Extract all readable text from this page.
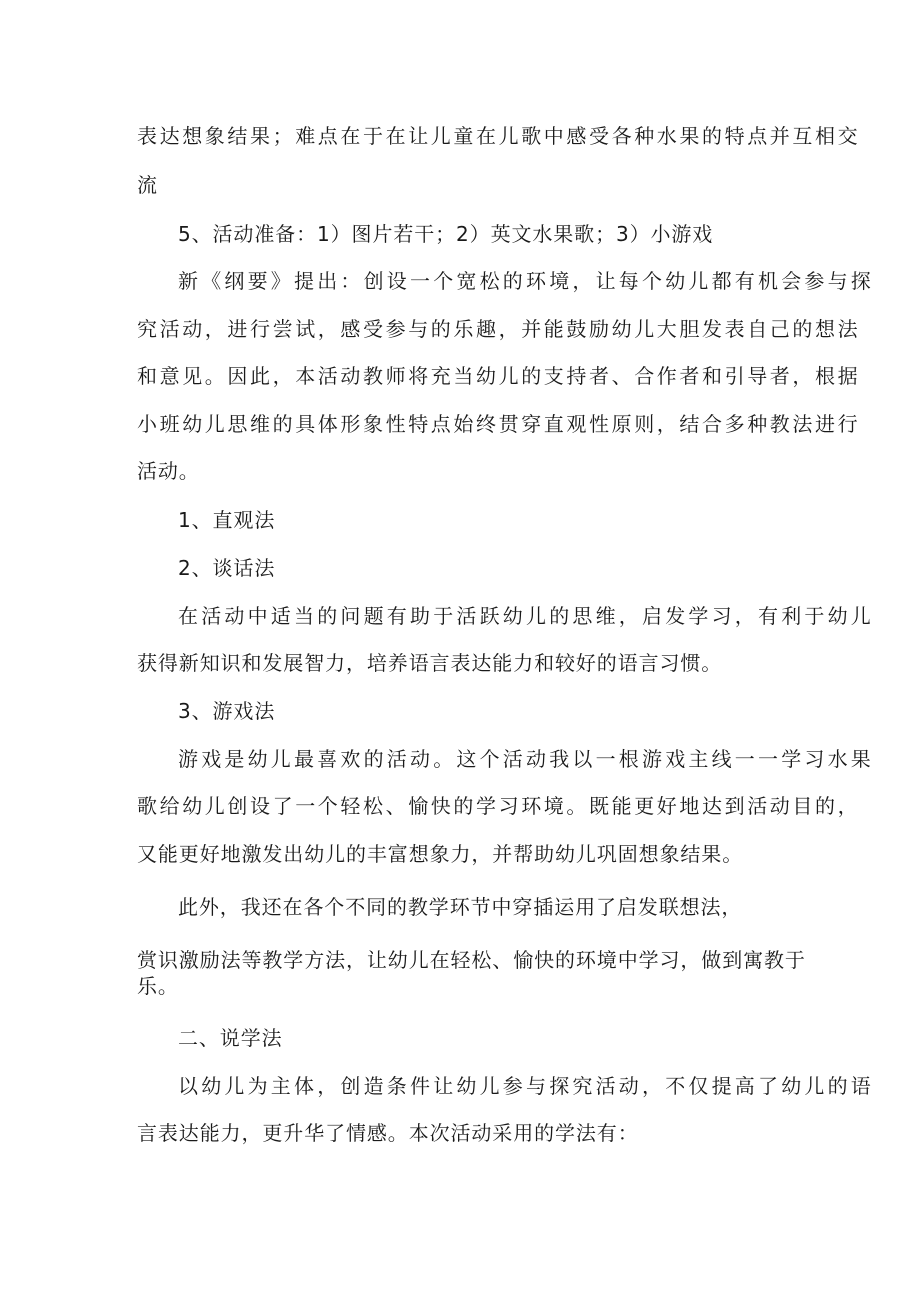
表达想象结果；难点在于在让儿童在儿歌中感受各种水果的特点并互相交
流
5、活动准备：1）图片若干；2）英文水果歌；3）小游戏
新《纲要》提出：创设一个宽松的环境，让每个幼儿都有机会参与探
究活动，进行尝试，感受参与的乐趣，并能鼓励幼儿大胆发表自己的想法
和意见。因此，本活动教师将充当幼儿的支持者、合作者和引导者，根据
小班幼儿思维的具体形象性特点始终贯穿直观性原则，结合多种教法进行
活动。
1、直观法
2、谈话法
在活动中适当的问题有助于活跃幼儿的思维，启发学习，有利于幼儿
获得新知识和发展智力，培养语言表达能力和较好的语言习惯。
3、游戏法
游戏是幼儿最喜欢的活动。这个活动我以一根游戏主线一一学习水果
歌给幼儿创设了一个轻松、愉快的学习环境。既能更好地达到活动目的，
又能更好地激发出幼儿的丰富想象力，并帮助幼儿巩固想象结果。
此外，我还在各个不同的教学环节中穿插运用了启发联想法，
赏识激励法等教学方法，让幼儿在轻松、愉快的环境中学习，做到寓教于
乐。
二、说学法
以幼儿为主体，创造条件让幼儿参与探究活动，不仅提高了幼儿的语
言表达能力，更升华了情感。本次活动采用的学法有：
